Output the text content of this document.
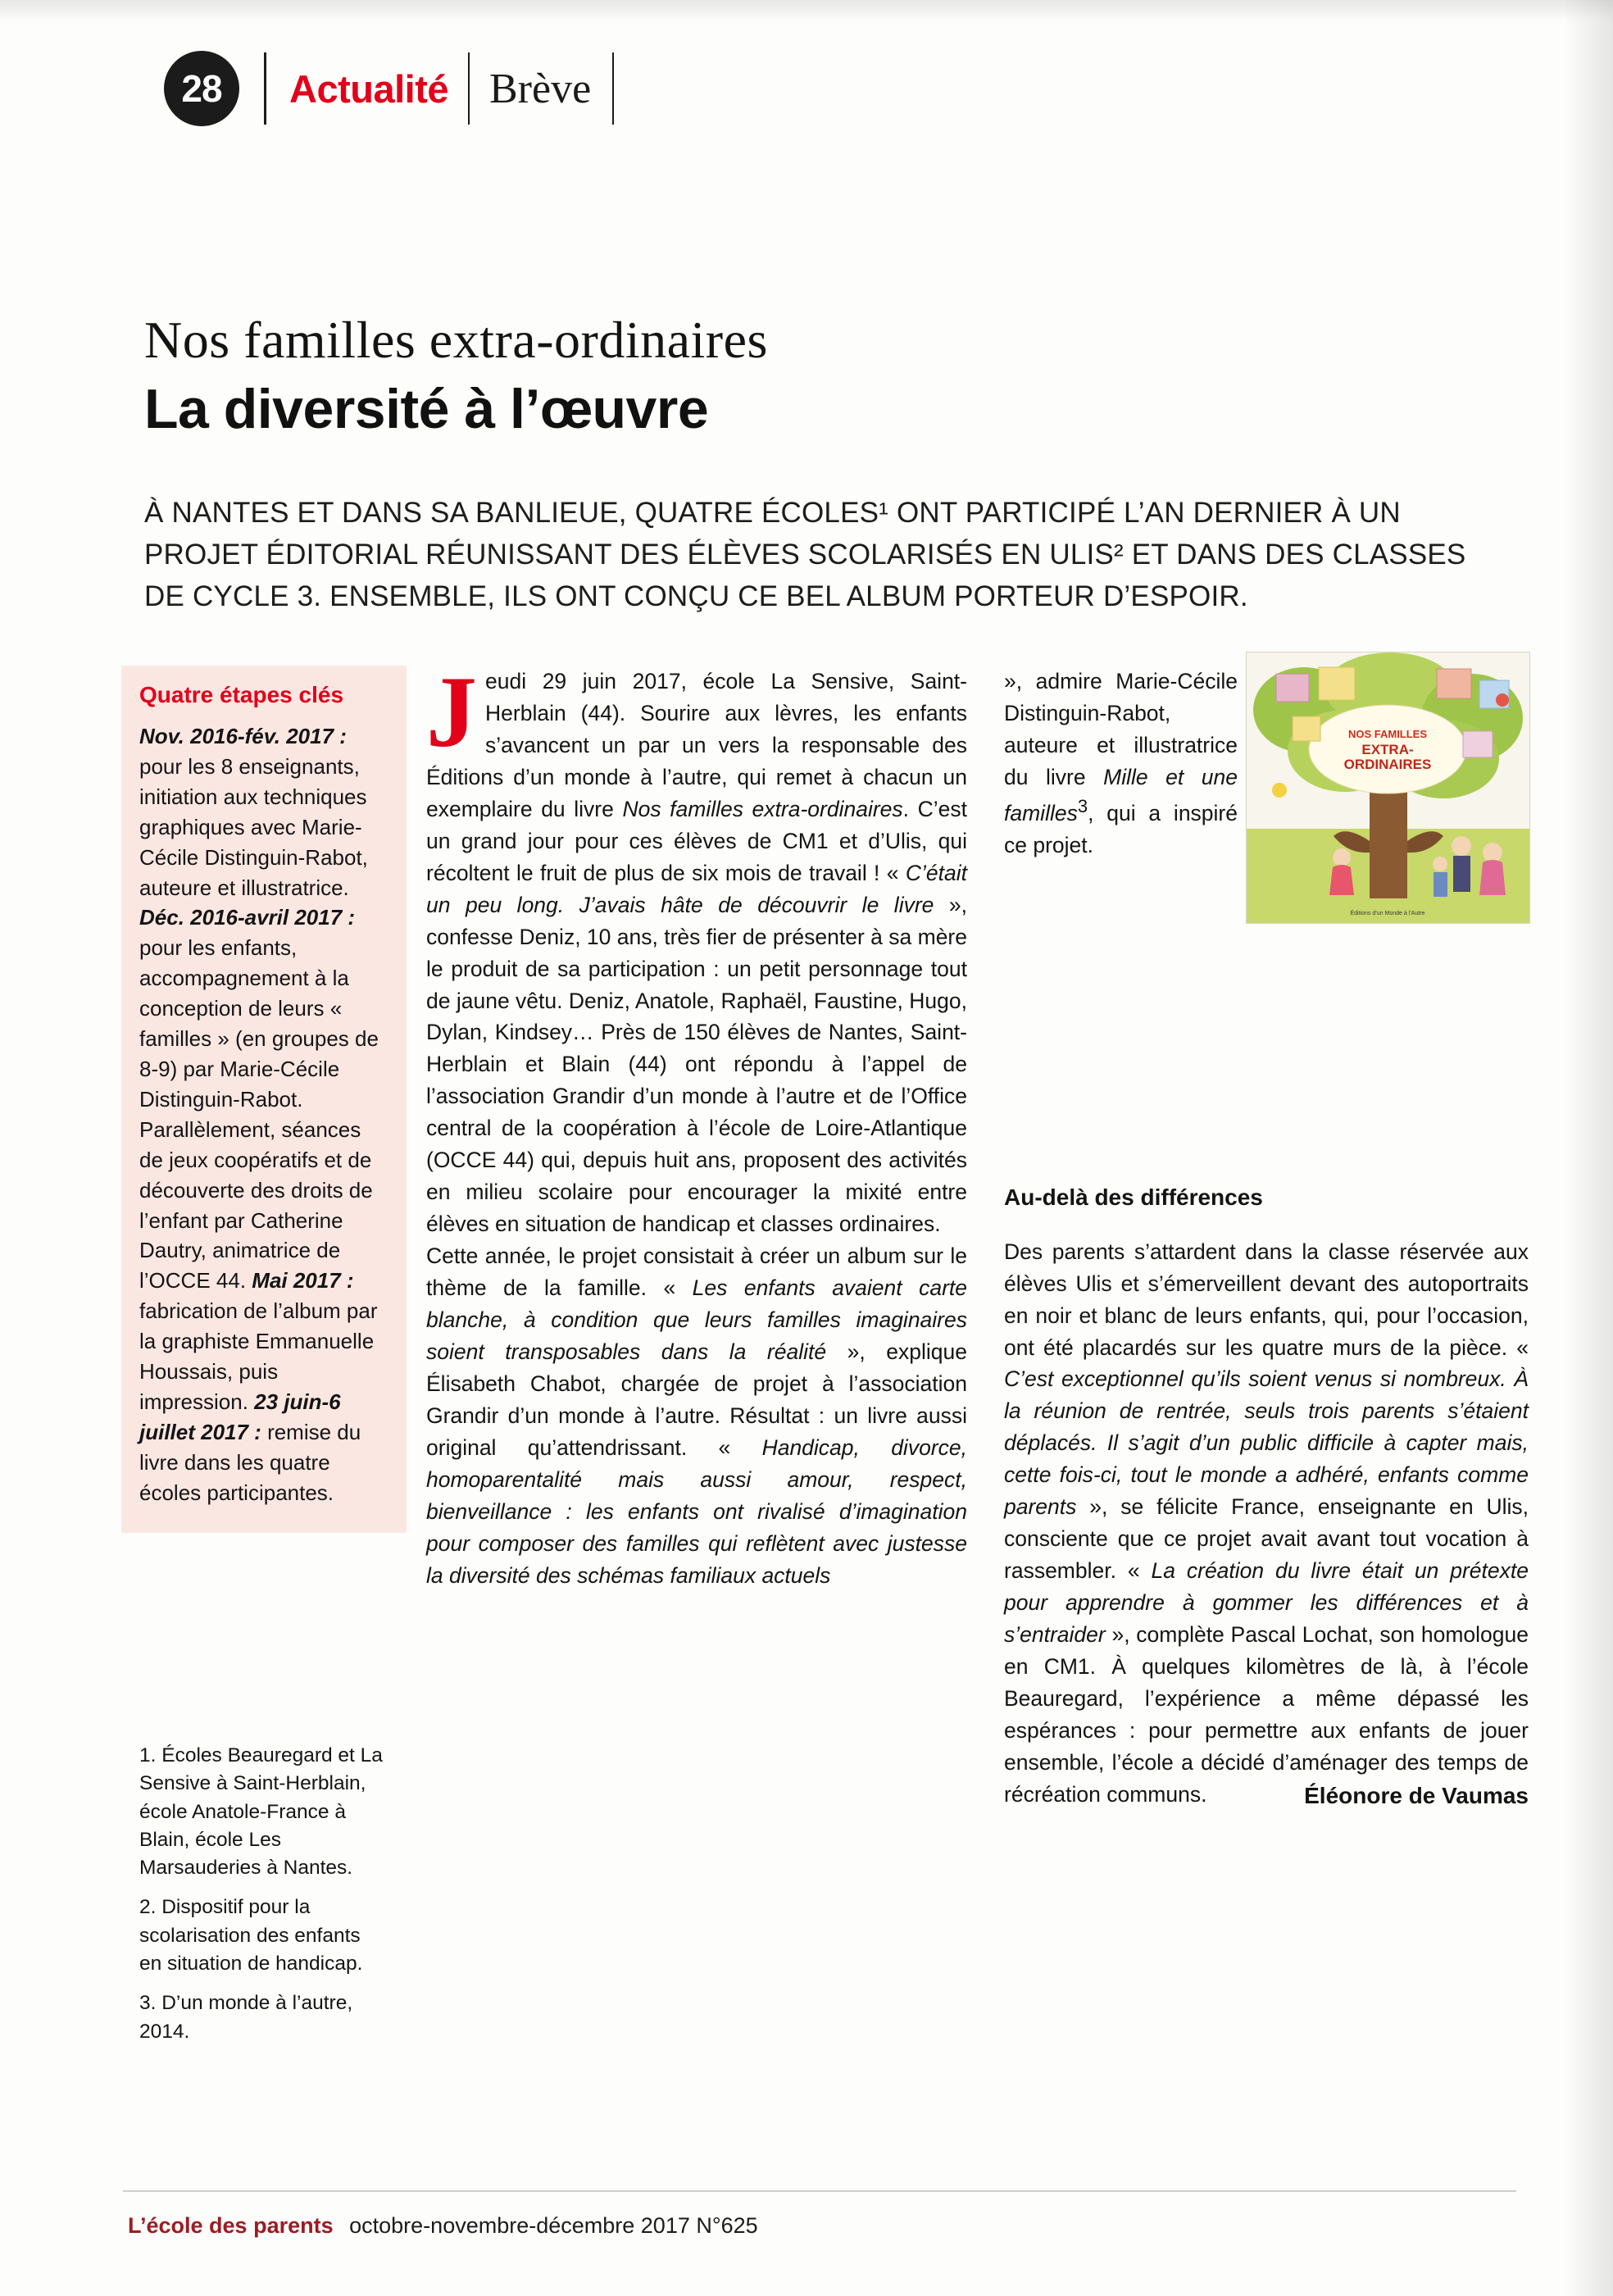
28	Actualité Brève
Nos familles extra-ordinaires
La diversité à l’œuvre
À NANTES ET DANS SA BANLIEUE, QUATRE ÉCOLES¹ ONT PARTICIPÉ L’AN DERNIER À UN PROJET ÉDITORIAL RÉUNISSANT DES ÉLÈVES SCOLARISÉS EN ULIS² ET DANS DES CLASSES DE CYCLE 3. ENSEMBLE, ILS ONT CONÇU CE BEL ALBUM PORTEUR D’ESPOIR.
Quatre étapes clés
Nov. 2016-fév. 2017 : pour les 8 enseignants, initiation aux techniques graphiques avec Marie-Cécile Distinguin-Rabot, auteure et illustratrice. Déc. 2016-avril 2017 : pour les enfants, accompagnement à la conception de leurs « familles » (en groupes de 8-9) par Marie-Cécile Distinguin-Rabot. Parallèlement, séances de jeux coopératifs et de découverte des droits de l’enfant par Catherine Dautry, animatrice de l’OCCE 44. Mai 2017 : fabrication de l’album par la graphiste Emmanuelle Houssais, puis impression. 23 juin-6 juillet 2017 : remise du livre dans les quatre écoles participantes.

1. Écoles Beauregard et La Sensive à Saint-Herblain, école Anatole-France à Blain, école Les Marsauderies à Nantes.

2. Dispositif pour la scolarisation des enfants en situation de handicap.

3. D’un monde à l’autre, 2014.

Jeudi 29 juin 2017, école La Sensive, Saint-Herblain (44). Sourire aux lèvres, les enfants s’avancent un par un vers la responsable des Éditions d’un monde à l’autre, qui remet à chacun un exemplaire du livre Nos familles extra-ordinaires. C’est un grand jour pour ces élèves de CM1 et d’Ulis, qui récoltent le fruit de plus de six mois de travail ! « C’était un peu long. J’avais hâte de découvrir le livre », confesse Deniz, 10 ans, très fier de présenter à sa mère le produit de sa participation : un petit personnage tout de jaune vêtu. Deniz, Anatole, Raphaël, Faustine, Hugo, Dylan, Kindsey… Près de 150 élèves de Nantes, Saint-Herblain et Blain (44) ont répondu à l’appel de l’association Grandir d’un monde à l’autre et de l’Office central de la coopération à l’école de Loire-Atlantique (OCCE 44) qui, depuis huit ans, proposent des activités en milieu scolaire pour encourager la mixité entre élèves en situation de handicap et classes ordinaires.

Cette année, le projet consistait à créer un album sur le thème de la famille. « Les enfants avaient carte blanche, à condition que leurs familles imaginaires soient transposables dans la réalité », explique Élisabeth Chabot, chargée de projet à l’association Grandir d’un monde à l’autre. Résultat : un livre aussi original qu’attendrissant. « Handicap, divorce, homoparentalité mais aussi amour, respect, bienveillance : les enfants ont rivalisé d’imagination pour composer des familles qui reflètent avec justesse la diversité des schémas familiaux actuels

», admire Marie-Cécile Distinguin-Rabot, auteure et illustratrice du livre Mille et une familles$^3$, qui a inspiré ce projet.

NOS FAMILLES
EXTRA-
ORDINAIRES
Éditions d’un Monde à l’Autre
Au-delà des différences

Des parents s’attardent dans la classe réservée aux élèves Ulis et s’émerveillent devant des autoportraits en noir et blanc de leurs enfants, qui, pour l’occasion, ont été placardés sur les quatre murs de la pièce. « C’est exceptionnel qu’ils soient venus si nombreux. À la réunion de rentrée, seuls trois parents s’étaient déplacés. Il s’agit d’un public difficile à capter mais, cette fois-ci, tout le monde a adhéré, enfants comme parents », se félicite France, enseignante en Ulis, consciente que ce projet avait avant tout vocation à rassembler. « La création du livre était un prétexte pour apprendre à gommer les différences et à s’entraider », complète Pascal Lochat, son homologue en CM1. À quelques kilomètres de là, à l’école Beauregard, l’expérience a même dépassé les espérances : pour permettre aux enfants de jouer ensemble, l’école a décidé d’aménager des temps de récréation communs.	Éléonore de Vaumas

L’école des parents octobre-novembre-décembre 2017 N°625
